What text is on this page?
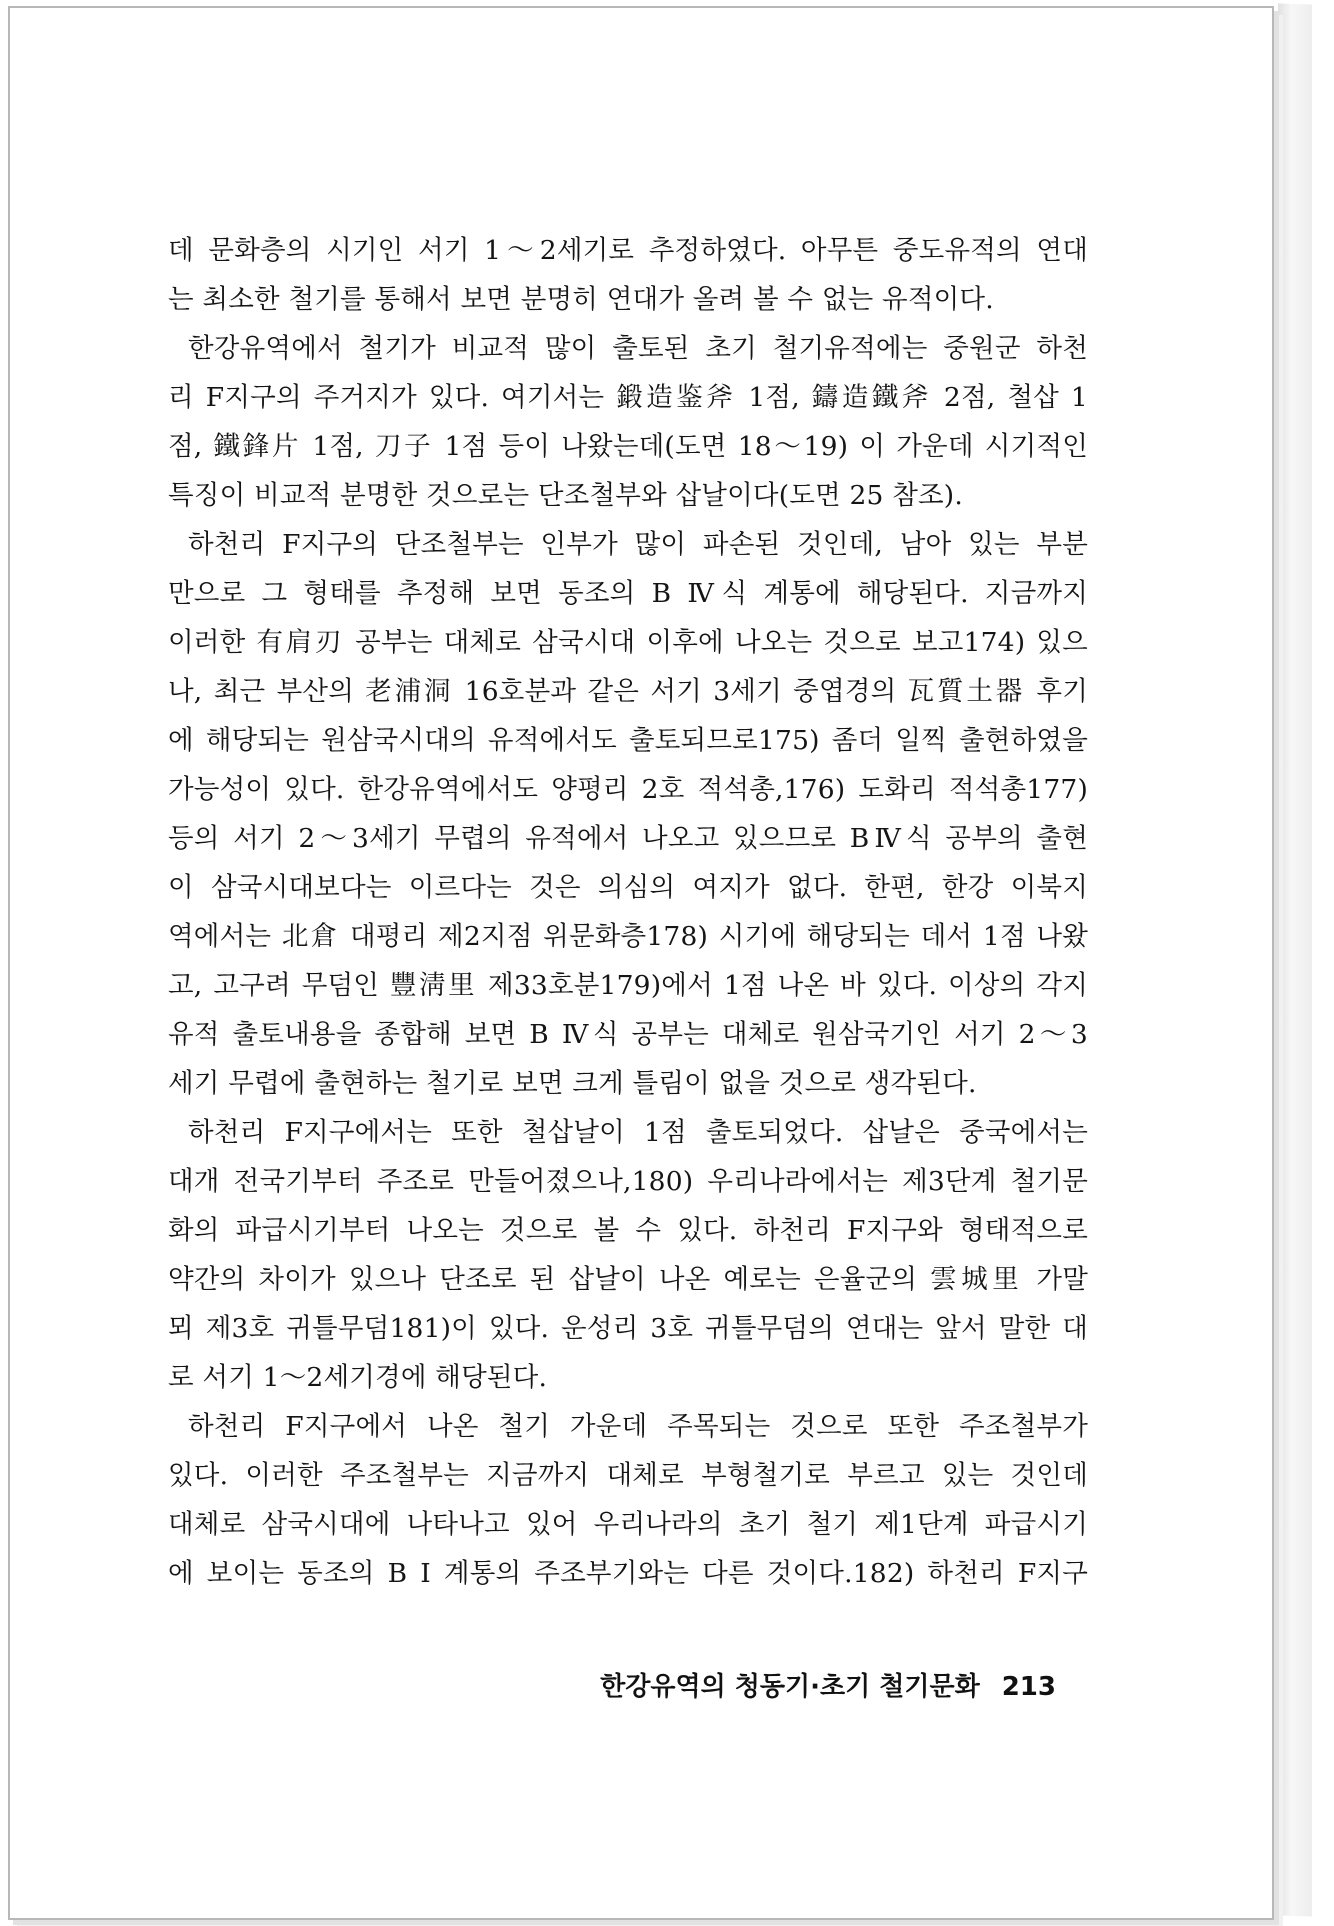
데 문화층의 시기인 서기 1～2세기로 추정하였다. 아무튼 중도유적의 연대
는 최소한 철기를 통해서 보면 분명히 연대가 올려 볼 수 없는 유적이다.
한강유역에서 철기가 비교적 많이 출토된 초기 철기유적에는 중원군 하천
리 F지구의 주거지가 있다. 여기서는 鍛造鉴斧 1점, 鑄造鐵斧 2점, 철삽 1
점, 鐵鋒片 1점, 刀子 1점 등이 나왔는데(도면 18～19) 이 가운데 시기적인
특징이 비교적 분명한 것으로는 단조철부와 삽날이다(도면 25 참조).
하천리 F지구의 단조철부는 인부가 많이 파손된 것인데, 남아 있는 부분
만으로 그 형태를 추정해 보면 동조의 B Ⅳ식 계통에 해당된다. 지금까지
이러한 有肩刃 공부는 대체로 삼국시대 이후에 나오는 것으로 보고174) 있으
나, 최근 부산의 老浦洞 16호분과 같은 서기 3세기 중엽경의 瓦質土器 후기
에 해당되는 원삼국시대의 유적에서도 출토되므로175) 좀더 일찍 출현하였을
가능성이 있다. 한강유역에서도 양평리 2호 적석총,176) 도화리 적석총177)
등의 서기 2～3세기 무렵의 유적에서 나오고 있으므로 BⅣ식 공부의 출현
이 삼국시대보다는 이르다는 것은 의심의 여지가 없다. 한편, 한강 이북지
역에서는 北倉 대평리 제2지점 위문화층178) 시기에 해당되는 데서 1점 나왔
고, 고구려 무덤인 豐淸里 제33호분179)에서 1점 나온 바 있다. 이상의 각지
유적 출토내용을 종합해 보면 B Ⅳ식 공부는 대체로 원삼국기인 서기 2～3
세기 무렵에 출현하는 철기로 보면 크게 틀림이 없을 것으로 생각된다.
하천리 F지구에서는 또한 철삽날이 1점 출토되었다. 삽날은 중국에서는
대개 전국기부터 주조로 만들어졌으나,180) 우리나라에서는 제3단계 철기문
화의 파급시기부터 나오는 것으로 볼 수 있다. 하천리 F지구와 형태적으로
약간의 차이가 있으나 단조로 된 삽날이 나온 예로는 은율군의 雲城里 가말
뫼 제3호 귀틀무덤181)이 있다. 운성리 3호 귀틀무덤의 연대는 앞서 말한 대
로 서기 1～2세기경에 해당된다.
하천리 F지구에서 나온 철기 가운데 주목되는 것으로 또한 주조철부가
있다. 이러한 주조철부는 지금까지 대체로 부형철기로 부르고 있는 것인데
대체로 삼국시대에 나타나고 있어 우리나라의 초기 철기 제1단계 파급시기
에 보이는 동조의 B I 계통의 주조부기와는 다른 것이다.182) 하천리 F지구
한강유역의 청동기·초기 철기문화 213
